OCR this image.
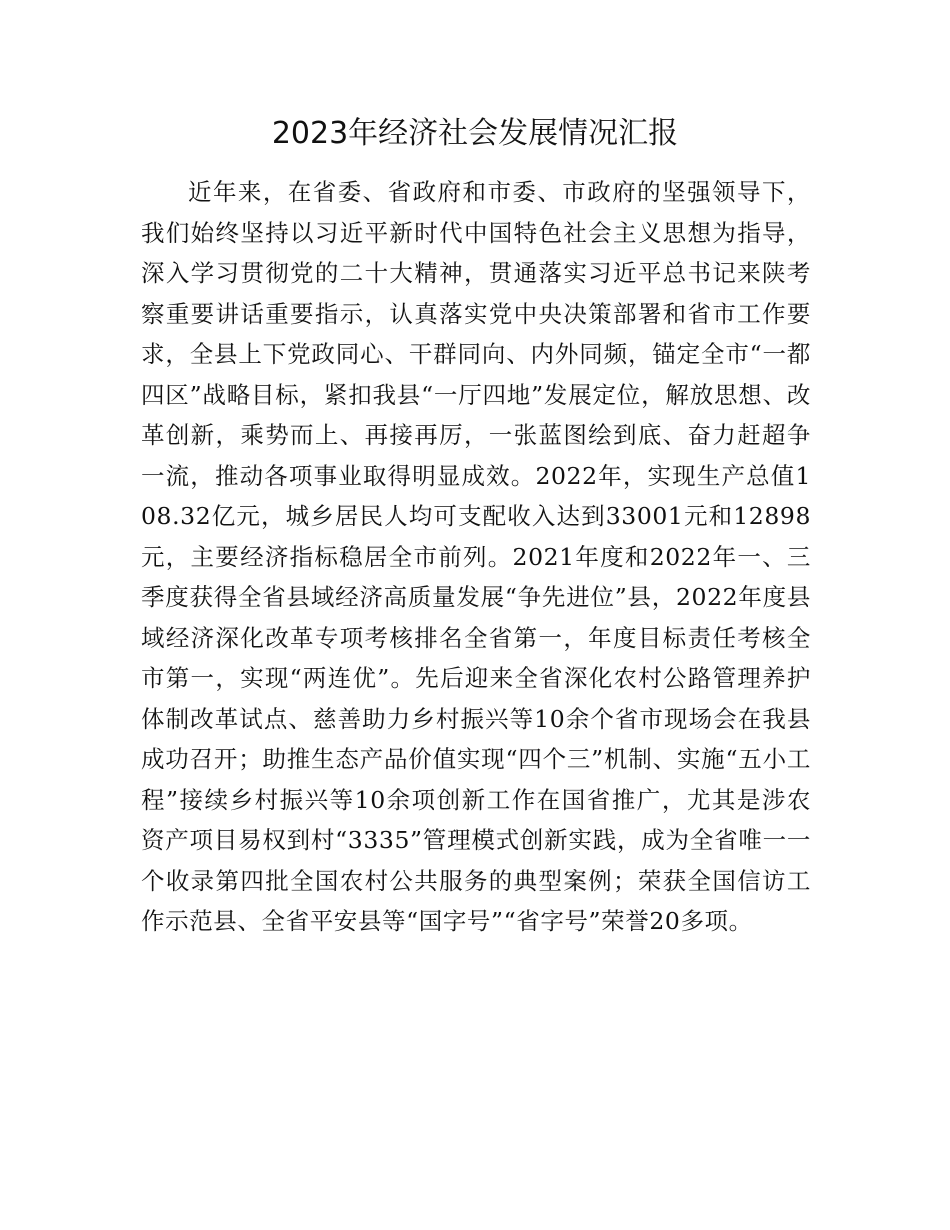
2023年经济社会发展情况汇报

近年来，在省委、省政府和市委、市政府的坚强领导下，我们始终坚持以习近平新时代中国特色社会主义思想为指导，深入学习贯彻党的二十大精神，贯通落实习近平总书记来陕考察重要讲话重要指示，认真落实党中央决策部署和省市工作要求，全县上下党政同心、干群同向、内外同频，锚定全市“一都四区”战略目标，紧扣我县“一厅四地”发展定位，解放思想、改革创新，乘势而上、再接再厉，一张蓝图绘到底、奋力赶超争一流，推动各项事业取得明显成效。2022年，实现生产总值108.32亿元，城乡居民人均可支配收入达到33001元和12898元，主要经济指标稳居全市前列。2021年度和2022年一、三季度获得全省县域经济高质量发展“争先进位”县，2022年度县域经济深化改革专项考核排名全省第一，年度目标责任考核全市第一，实现“两连优”。先后迎来全省深化农村公路管理养护体制改革试点、慈善助力乡村振兴等10余个省市现场会在我县成功召开；助推生态产品价值实现“四个三”机制、实施“五小工程”接续乡村振兴等10余项创新工作在国省推广，尤其是涉农资产项目易权到村“3335”管理模式创新实践，成为全省唯一一个收录第四批全国农村公共服务的典型案例；荣获全国信访工作示范县、全省平安县等“国字号”“省字号”荣誉20多项。
